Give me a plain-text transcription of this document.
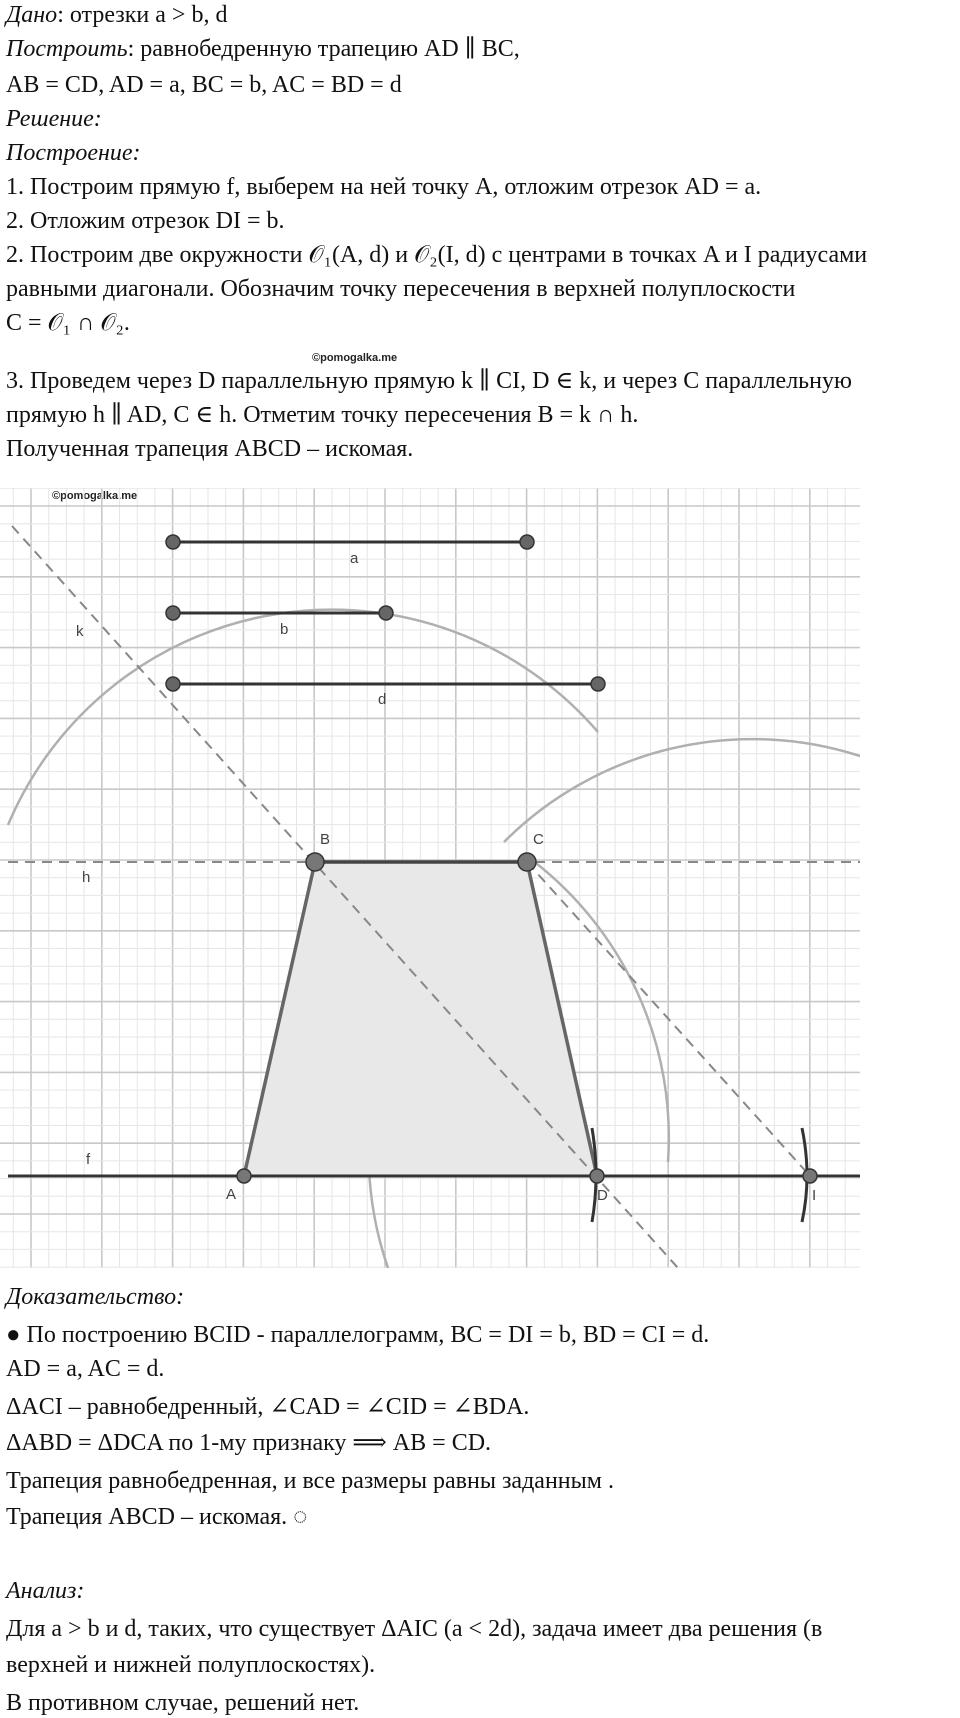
Дано: отрезки a > b, d
Построить: равнобедренную трапецию AD ∥ BC,
AB = CD, AD = a, BC = b, AC = BD = d
Решение:
Построение:
1. Построим прямую f, выберем на ней точку A, отложим отрезок AD = a.
2. Отложим отрезок DI = b.
2. Построим две окружности 𝒪₁(A, d) и 𝒪₂(I, d) с центрами в точках A и I радиусами
равными диагонали. Обозначим точку пересечения в верхней полуплоскости
C = 𝒪₁ ∩ 𝒪₂.
©pomogalka.me
3. Проведем через D параллельную прямую k ∥ CI, D ∈ k, и через C параллельную
прямую h ∥ AD, C ∈ h. Отметим точку пересечения B = k ∩ h.
Полученная трапеция ABCD – искомая.
©pomogalka.me
a
b
d
k
h
f
B	C
A	D	I
Доказательство:
● По построению BCID - параллелограмм, BC = DI = b, BD = CI = d.
AD = a, AC = d.
ΔACI – равнобедренный, ∠CAD = ∠CID = ∠BDA.
ΔABD = ΔDCA по 1-му признаку ⟹ AB = CD.
Трапеция равнобедренная, и все размеры равны заданным .
Трапеция ABCD – искомая. ◌
Анализ:
Для a > b и d, таких, что существует ΔAIC (a < 2d), задача имеет два решения (в
верхней и нижней полуплоскостях).
В противном случае, решений нет.
